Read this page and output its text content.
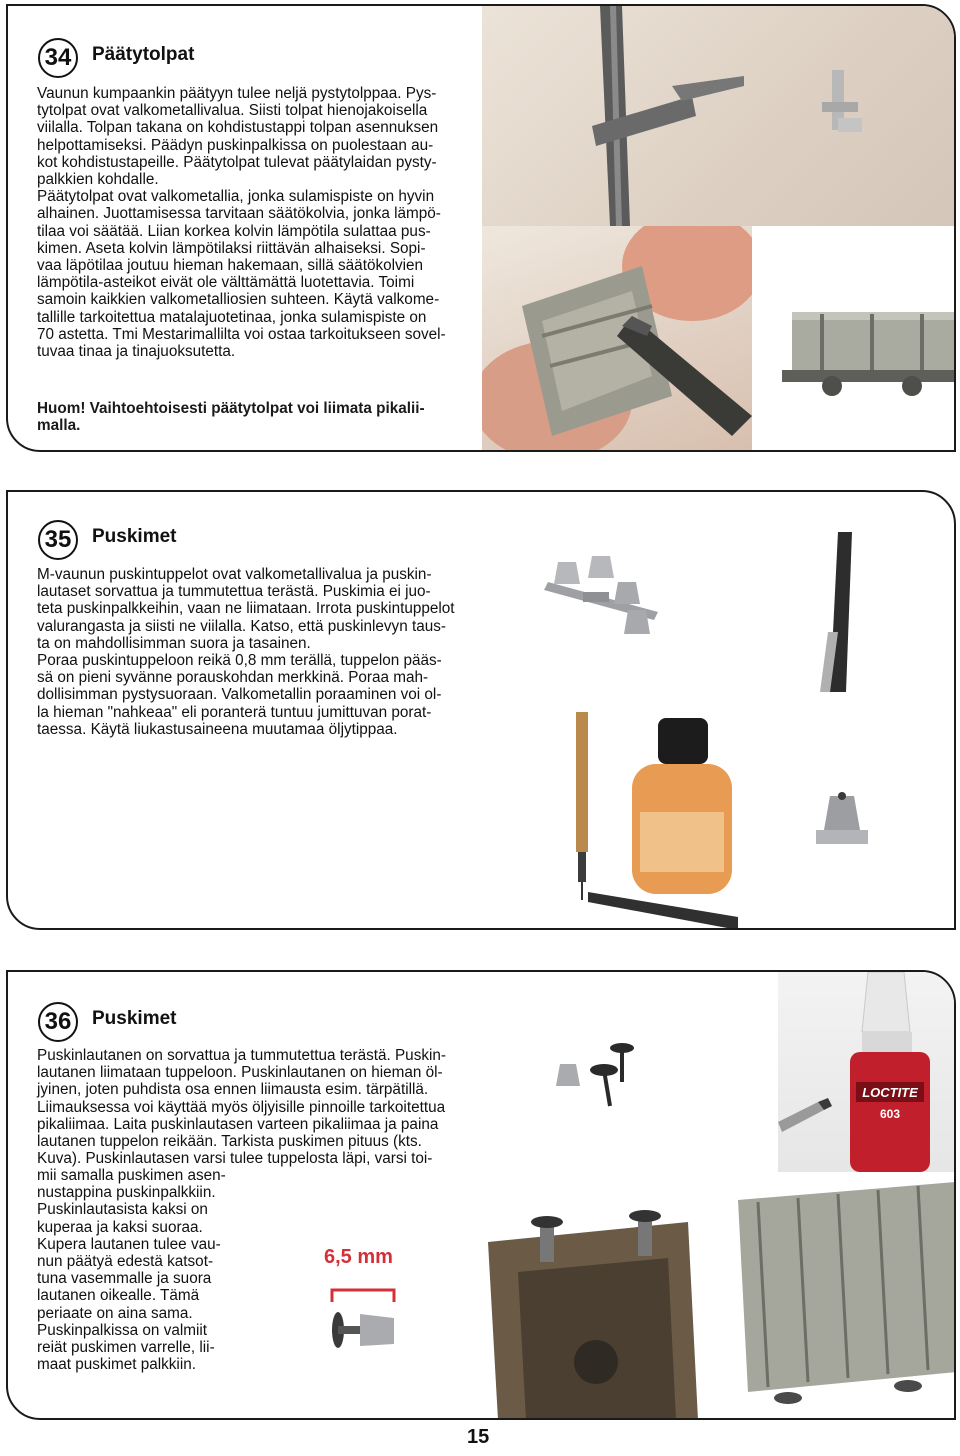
34	Päätytolpat

Vaunun kumpaankin päätyyn tulee neljä pystytolppaa. Pys-

tytolpat ovat valkometallivalua. Siisti tolpat hienojakoisella

viilalla. Tolpan takana on kohdistustappi tolpan asennuksen

helpottamiseksi. Päädyn puskinpalkissa on puolestaan au-

kot kohdistustapeille. Päätytolpat tulevat päätylaidan pysty-

palkkien kohdalle.

Päätytolpat ovat valkometallia, jonka sulamispiste on hyvin

alhainen. Juottamisessa tarvitaan säätökolvia, jonka lämpö-

tilaa voi säätää. Liian korkea kolvin lämpötila sulattaa pus-

kimen. Aseta kolvin lämpötilaksi riittävän alhaiseksi. Sopi-

vaa läpötilaa joutuu hieman hakemaan, sillä säätökolvien

lämpötila-asteikot eivät ole välttämättä luotettavia. Toimi

samoin kaikkien valkometalliosien suhteen. Käytä valkome-

tallille tarkoitettua matalajuotetinaa, jonka sulamispiste on

70 astetta. Tmi Mestarimallilta voi ostaa tarkoitukseen sovel-

tuvaa tinaa ja tinajuoksutetta.

Huom! Vaihtoehtoisesti päätytolpat voi liimata pikalii-

malla.

35	Puskimet

M-vaunun puskintuppelot ovat valkometallivalua ja puskin-

lautaset sorvattua ja tummutettua terästä. Puskimia ei juo-

teta puskinpalkkeihin, vaan ne liimataan. Irrota puskintuppelot

valurangasta ja siisti ne viilalla. Katso, että puskinlevyn taus-

ta on mahdollisimman suora ja tasainen.

Poraa puskintuppeloon reikä 0,8 mm terällä, tuppelon pääs-

sä on pieni syvänne porauskohdan merkkinä. Poraa mah-

dollisimman pystysuoraan. Valkometallin poraaminen voi ol-

la hieman "nahkeaa" eli poranterä tuntuu jumittuvan porat-

taessa. Käytä liukastusaineena muutamaa öljytippaa.

36	Puskimet

Puskinlautanen on sorvattua ja tummutettua terästä. Puskin-

lautanen liimataan tuppeloon. Puskinlautanen on hieman öl-

jyinen, joten puhdista osa ennen liimausta esim. tärpätillä.

Liimauksessa voi käyttää myös öljyisille pinnoille tarkoitettua

pikaliimaa. Laita puskinlautasen varteen pikaliimaa ja paina

lautanen tuppelon reikään. Tarkista puskimen pituus (kts.

Kuva). Puskinlautasen varsi tulee tuppelosta läpi, varsi toi-

mii samalla puskimen asen-

nustappina puskinpalkkiin.

Puskinlautasista kaksi on

kuperaa ja kaksi suoraa.

Kupera lautanen tulee vau-

nun päätyä edestä katsot-

tuna vasemmalle ja suora

lautanen oikealle. Tämä

periaate on aina sama.

Puskinpalkissa on valmiit

reiät puskimen varrelle, lii-

maat puskimet palkkiin.

LOCTITE
603
6,5 mm
15
